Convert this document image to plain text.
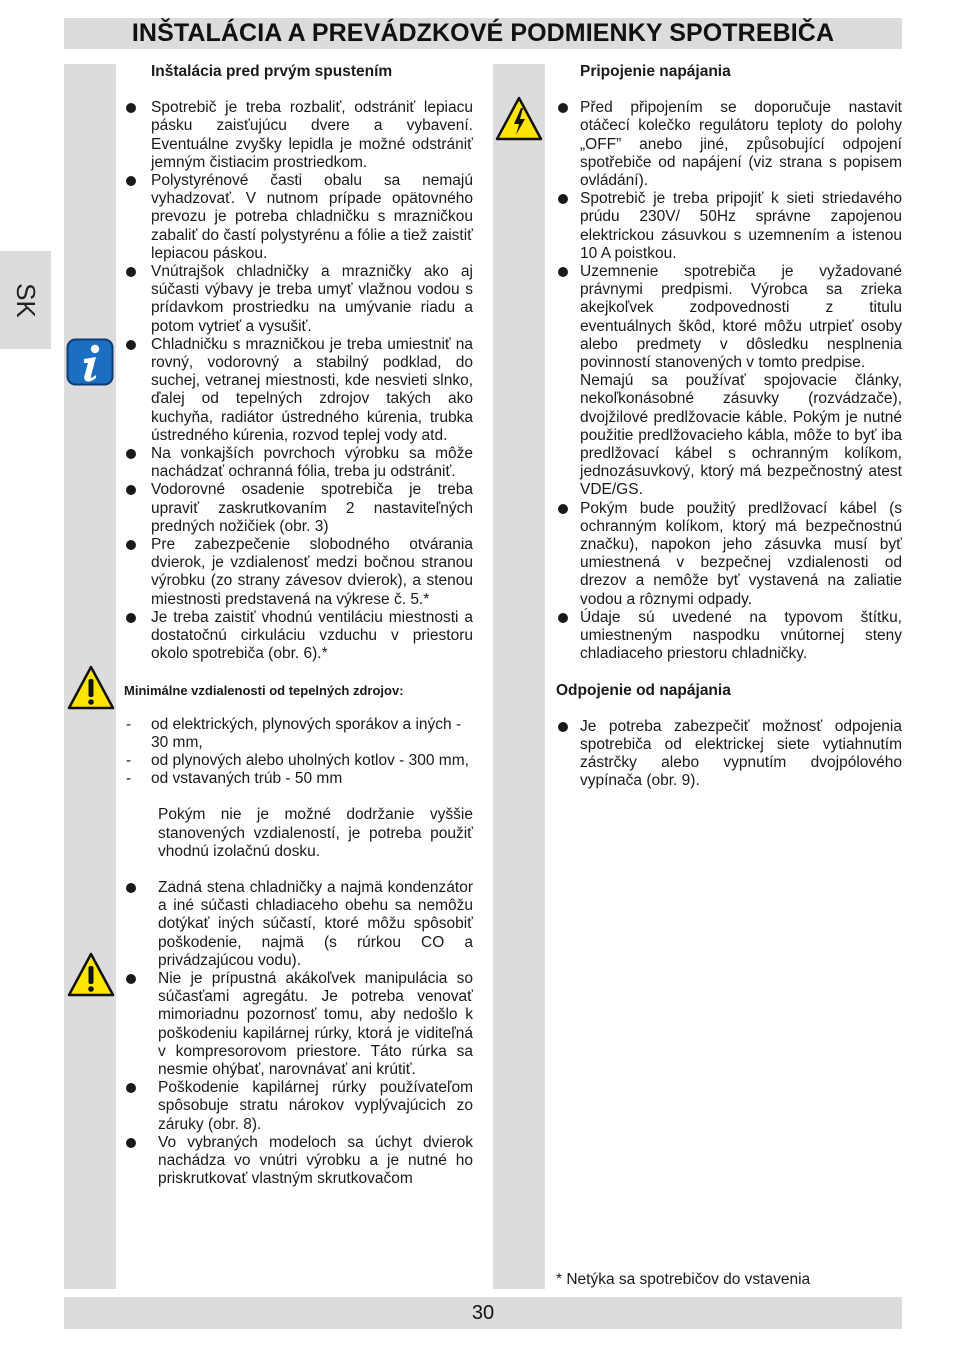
INŠTALÁCIA A PREVÁDZKOVÉ PODMIENKY SPOTREBIČA
SK
Inštalácia pred prvým spustením
Spotrebič je treba rozbaliť, odstrániť lepiacu pásku zaisťujúcu dvere a vybavení. Eventuálne zvyšky lepidla je možné odstrániť jemným čistiacim prostriedkom.
Polystyrénové časti obalu sa nemajú vyhadzovať. V nutnom prípade opätovného prevozu je potreba chladničku s mrazničkou zabaliť do častí polystyrénu a fólie a tiež zaistiť lepiacou páskou.
Vnútrajšok chladničky a mrazničky ako aj súčasti výbavy je treba umyť vlažnou vodou s prídavkom prostriedku na umývanie riadu a potom vytrieť a vysušiť.
Chladničku s mrazničkou je treba umiestniť na rovný, vodorovný a stabilný podklad, do suchej, vetranej miestnosti, kde nesvieti slnko, ďalej od tepelných zdrojov takých ako kuchyňa, radiátor ústredného kúrenia, trubka ústredného kúrenia, rozvod teplej vody atd.
Na vonkajších povrchoch výrobku sa môže nachádzať ochranná fólia, treba ju odstrániť.
Vodorovné osadenie spotrebiča je treba upraviť zaskrutkovaním 2 nastaviteľných predných nožičiek (obr. 3)
Pre zabezpečenie slobodného otvárania dvierok, je vzdialenosť medzi bočnou stranou výrobku (zo strany závesov dvierok), a stenou miestnosti predstavená na výkrese č. 5.*
Je treba zaistiť vhodnú ventiláciu miestnosti a dostatočnú cirkuláciu vzduchu v priestoru okolo spotrebiča (obr. 6).*
Minimálne vzdialenosti od tepelných zdrojov:
- od elektrických, plynových sporákov a iných - 30 mm,
- od plynových alebo uholných kotlov - 300 mm,
- od vstavaných trúb - 50 mm

Pokým nie je možné dodržanie vyššie stanovených vzdialeností, je potreba použiť vhodnú izolačnú dosku.

Zadná stena chladničky a najmä kondenzátor a iné súčasti chladiaceho obehu sa nemôžu dotýkať iných súčastí, ktoré môžu spôsobiť poškodenie, najmä (s rúrkou CO a privádzajúcou vodu).
Nie je prípustná akákoľvek manipulácia so súčasťami agregátu. Je potreba venovať mimoriadnu pozornosť tomu, aby nedošlo k poškodeniu kapilárnej rúrky, ktorá je viditeľná v kompresorovom priestore. Táto rúrka sa nesmie ohýbať, narovnávať ani krútiť.
Poškodenie kapilárnej rúrky používateľom spôsobuje stratu nárokov vyplývajúcich zo záruky (obr. 8).
Vo vybraných modeloch sa úchyt dvierok nachádza vo vnútri výrobku a je nutné ho priskrutkovať vlastným skrutkovačom
Pripojenie napájania
Před připojením se doporučuje nastavit otáčecí kolečko regulátoru teploty do polohy „OFF” anebo jiné, způsobující odpojení spotřebiče od napájení (viz strana s popisem ovládání).
Spotrebič je treba pripojiť k sieti striedavého prúdu 230V/ 50Hz správne zapojenou elektrickou zásuvkou s uzemnením a istenou 10 A poistkou.
Uzemnenie spotrebiča je vyžadované právnymi predpismi. Výrobca sa zrieka akejkoľvek zodpovednosti z titulu eventuálnych škôd, ktoré môžu utrpieť osoby alebo predmety v dôsledku nesplnenia povinností stanovených v tomto predpise.

Nemajú sa používať spojovacie články, nekoľkonásobné zásuvky (rozvádzače), dvojžilové predlžovacie káble. Pokým je nutné použitie predlžovacieho kábla, môže to byť iba predlžovací kábel s ochranným kolíkom, jednozásuvkový, ktorý má bezpečnostný atest VDE/GS.

Pokým bude použitý predlžovací kábel (s ochranným kolíkom, ktorý má bezpečnostnú značku), napokon jeho zásuvka musí byť umiestnená v bezpečnej vzdialenosti od drezov a nemôže byť vystavená na zaliatie vodou a rôznymi odpady.
Údaje sú uvedené na typovom štítku, umiestneným naspodku vnútornej steny chladiaceho priestoru chladničky.
Odpojenie od napájania
Je potreba zabezpečiť možnosť odpojenia spotrebiča od elektrickej siete vytiahnutím zástrčky alebo vypnutím dvojpólového vypínača (obr. 9).
* Netýka sa spotrebičov do vstavenia
30
